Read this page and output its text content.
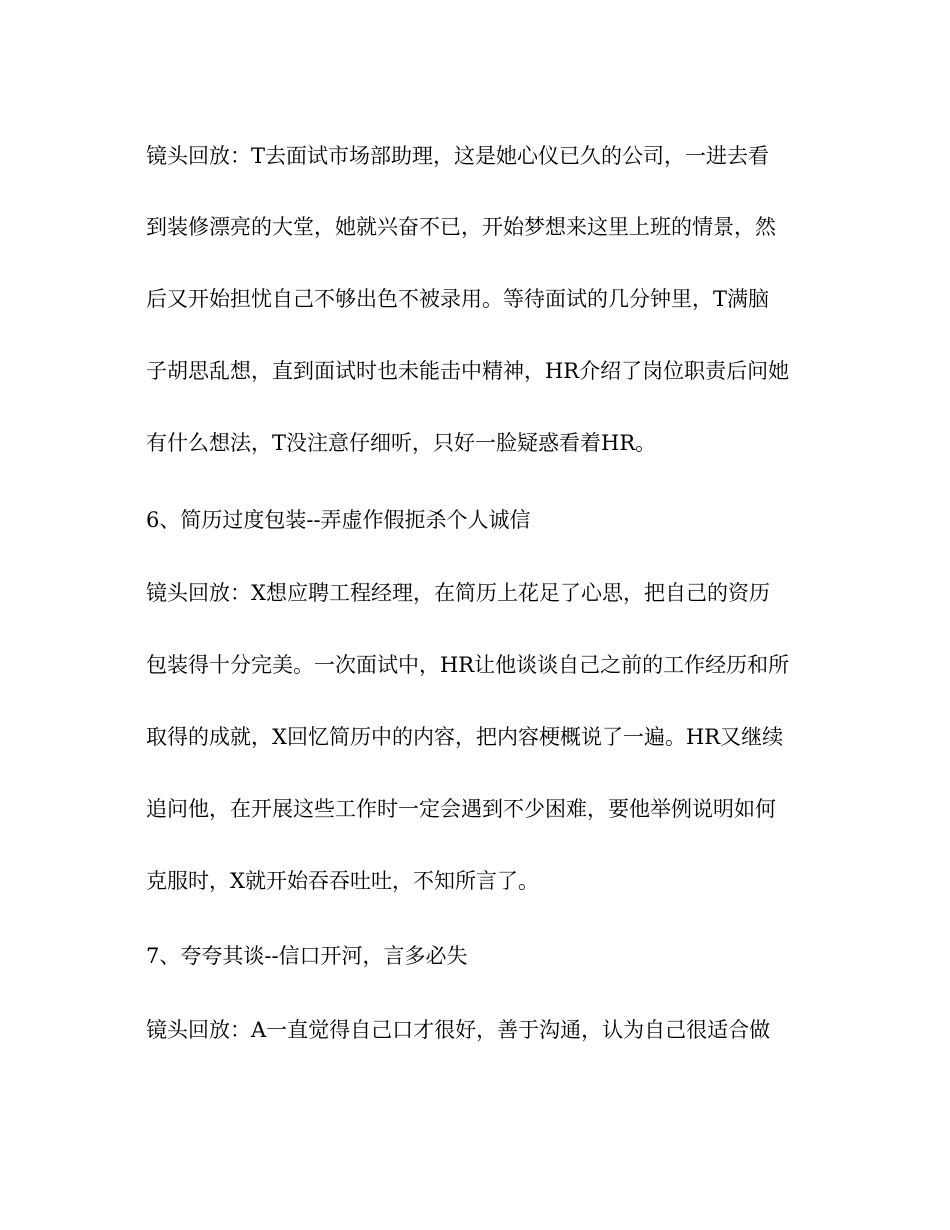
镜头回放：T去面试市场部助理，这是她心仪已久的公司，一进去看

到装修漂亮的大堂，她就兴奋不已，开始梦想来这里上班的情景，然

后又开始担忧自己不够出色不被录用。等待面试的几分钟里，T满脑

子胡思乱想，直到面试时也未能击中精神，HR介绍了岗位职责后问她

有什么想法，T没注意仔细听，只好一脸疑惑看着HR。

6、简历过度包装--弄虚作假扼杀个人诚信

镜头回放：X想应聘工程经理，在简历上花足了心思，把自己的资历

包装得十分完美。一次面试中，HR让他谈谈自己之前的工作经历和所

取得的成就，X回忆简历中的内容，把内容梗概说了一遍。HR又继续

追问他，在开展这些工作时一定会遇到不少困难，要他举例说明如何

克服时，X就开始吞吞吐吐，不知所言了。

7、夸夸其谈--信口开河，言多必失

镜头回放：A一直觉得自己口才很好，善于沟通，认为自己很适合做
